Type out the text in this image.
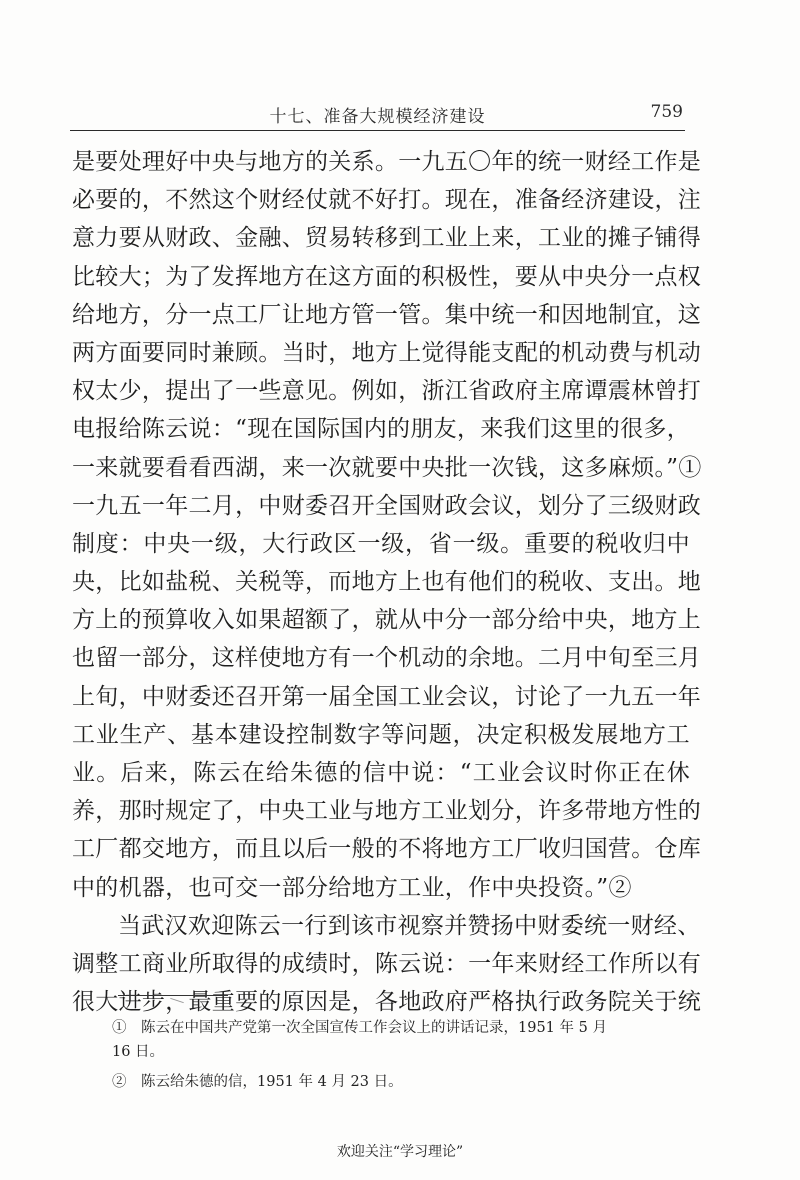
十七、准备大规模经济建设	759
是要处理好中央与地方的关系。一九五〇年的统一财经工作是
必要的，不然这个财经仗就不好打。现在，准备经济建设，注
意力要从财政、金融、贸易转移到工业上来，工业的摊子铺得
比较大；为了发挥地方在这方面的积极性，要从中央分一点权
给地方，分一点工厂让地方管一管。集中统一和因地制宜，这
两方面要同时兼顾。当时，地方上觉得能支配的机动费与机动
权太少，提出了一些意见。例如，浙江省政府主席谭震林曾打
电报给陈云说：“现在国际国内的朋友，来我们这里的很多，
一来就要看看西湖，来一次就要中央批一次钱，这多麻烦。”①
一九五一年二月，中财委召开全国财政会议，划分了三级财政
制度：中央一级，大行政区一级，省一级。重要的税收归中
央，比如盐税、关税等，而地方上也有他们的税收、支出。地
方上的预算收入如果超额了，就从中分一部分给中央，地方上
也留一部分，这样使地方有一个机动的余地。二月中旬至三月
上旬，中财委还召开第一届全国工业会议，讨论了一九五一年
工业生产、基本建设控制数字等问题，决定积极发展地方工
业。后来，陈云在给朱德的信中说：“工业会议时你正在休
养，那时规定了，中央工业与地方工业划分，许多带地方性的
工厂都交地方，而且以后一般的不将地方工厂收归国营。仓库
中的机器，也可交一部分给地方工业，作中央投资。”②
当武汉欢迎陈云一行到该市视察并赞扬中财委统一财经、
调整工商业所取得的成绩时，陈云说：一年来财经工作所以有
很大进步，最重要的原因是，各地政府严格执行政务院关于统
①　陈云在中国共产党第一次全国宣传工作会议上的讲话记录，1951 年 5 月
16 日。
②　陈云给朱德的信，1951 年 4 月 23 日。
欢迎关注“学习理论”
